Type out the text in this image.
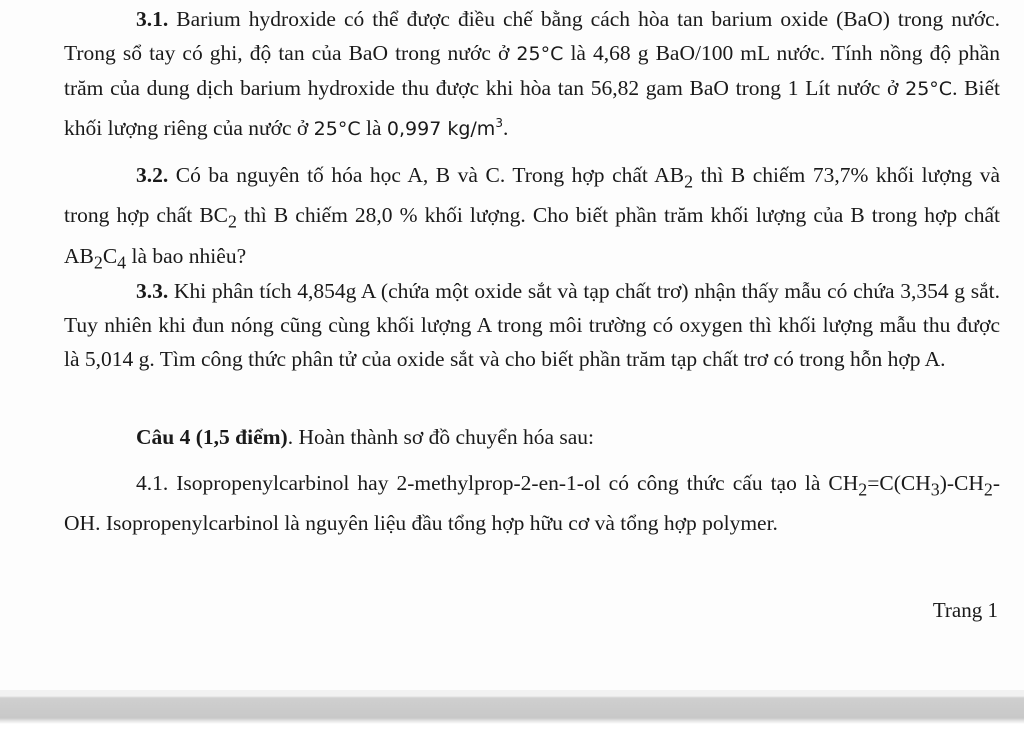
3.1. Barium hydroxide có thể được điều chế bằng cách hòa tan barium oxide (BaO) trong nước. Trong sổ tay có ghi, độ tan của BaO trong nước ở 25°C là 4,68 g BaO/100 mL nước. Tính nồng độ phần trăm của dung dịch barium hydroxide thu được khi hòa tan 56,82 gam BaO trong 1 Lít nước ở 25°C. Biết khối lượng riêng của nước ở 25°C là 0,997 $kg/m^3$.

3.2. Có ba nguyên tố hóa học A, B và C. Trong hợp chất $AB_2$ thì B chiếm 73,7% khối lượng và trong hợp chất $BC_2$ thì B chiếm 28,0 % khối lượng. Cho biết phần trăm khối lượng của B trong hợp chất $AB_2C_4$ là bao nhiêu?

3.3. Khi phân tích 4,854g A (chứa một oxide sắt và tạp chất trơ) nhận thấy mẫu có chứa 3,354 g sắt. Tuy nhiên khi đun nóng cũng cùng khối lượng A trong môi trường có oxygen thì khối lượng mẫu thu được là 5,014 g. Tìm công thức phân tử của oxide sắt và cho biết phần trăm tạp chất trơ có trong hỗn hợp A.

Câu 4 (1,5 điểm). Hoàn thành sơ đồ chuyển hóa sau:

4.1. Isopropenylcarbinol hay 2-methylprop-2-en-1-ol có công thức cấu tạo là $CH_2=C(CH_3)-CH_2-OH$. Isopropenylcarbinol là nguyên liệu đầu tổng hợp hữu cơ và tổng hợp polymer.

Trang 1
